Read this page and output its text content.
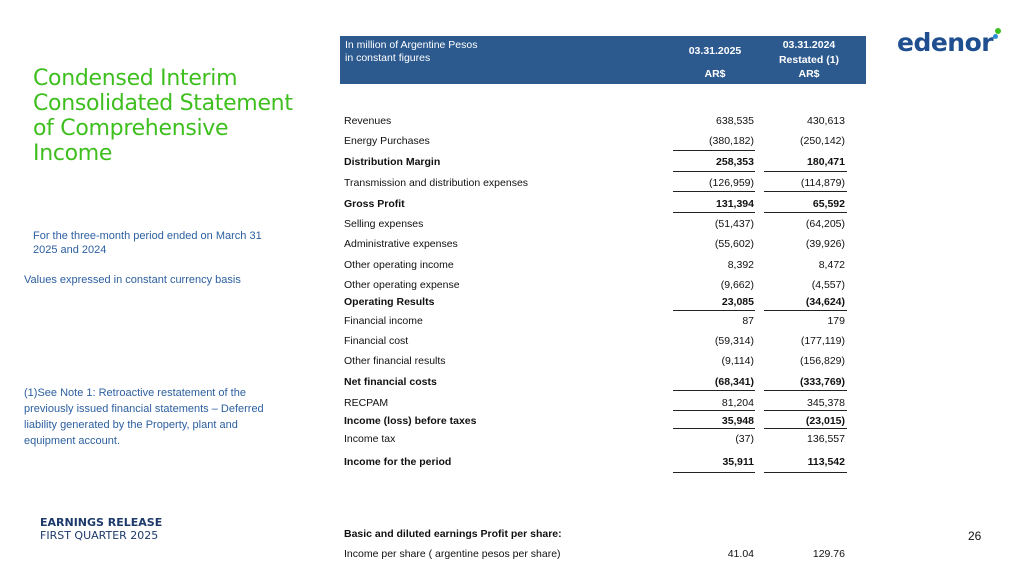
edenor
Condensed Interim Consolidated Statement of Comprehensive Income
For the three-month period ended on March 31 2025 and 2024
Values expressed in constant currency basis
(1)See Note 1: Retroactive restatement of the previously issued financial statements – Deferred liability generated by the Property, plant and equipment account.
EARNINGS RELEASE
FIRST QUARTER 2025	26
In million of Argentine Pesos
in constant figures
03.31.2025	03.31.2024
Restated (1)
AR$	AR$
Revenues	638,535	430,613
Energy Purchases	(380,182)	(250,142)
Distribution Margin	258,353	180,471
Transmission and distribution expenses	(126,959)	(114,879)
Gross Profit	131,394	65,592
Selling expenses	(51,437)	(64,205)
Administrative expenses	(55,602)	(39,926)
Other operating income	8,392	8,472
Other operating expense	(9,662)	(4,557)
Operating Results	23,085	(34,624)
Financial income	87	179
Financial cost	(59,314)	(177,119)
Other financial results	(9,114)	(156,829)
Net financial costs	(68,341)	(333,769)
RECPAM	81,204	345,378
Income (loss) before taxes	35,948	(23,015)
Income tax	(37)	136,557
Income for the period	35,911	113,542
Basic and diluted earnings Profit per share:
Income per share ( argentine pesos per share)	41.04	129.76
